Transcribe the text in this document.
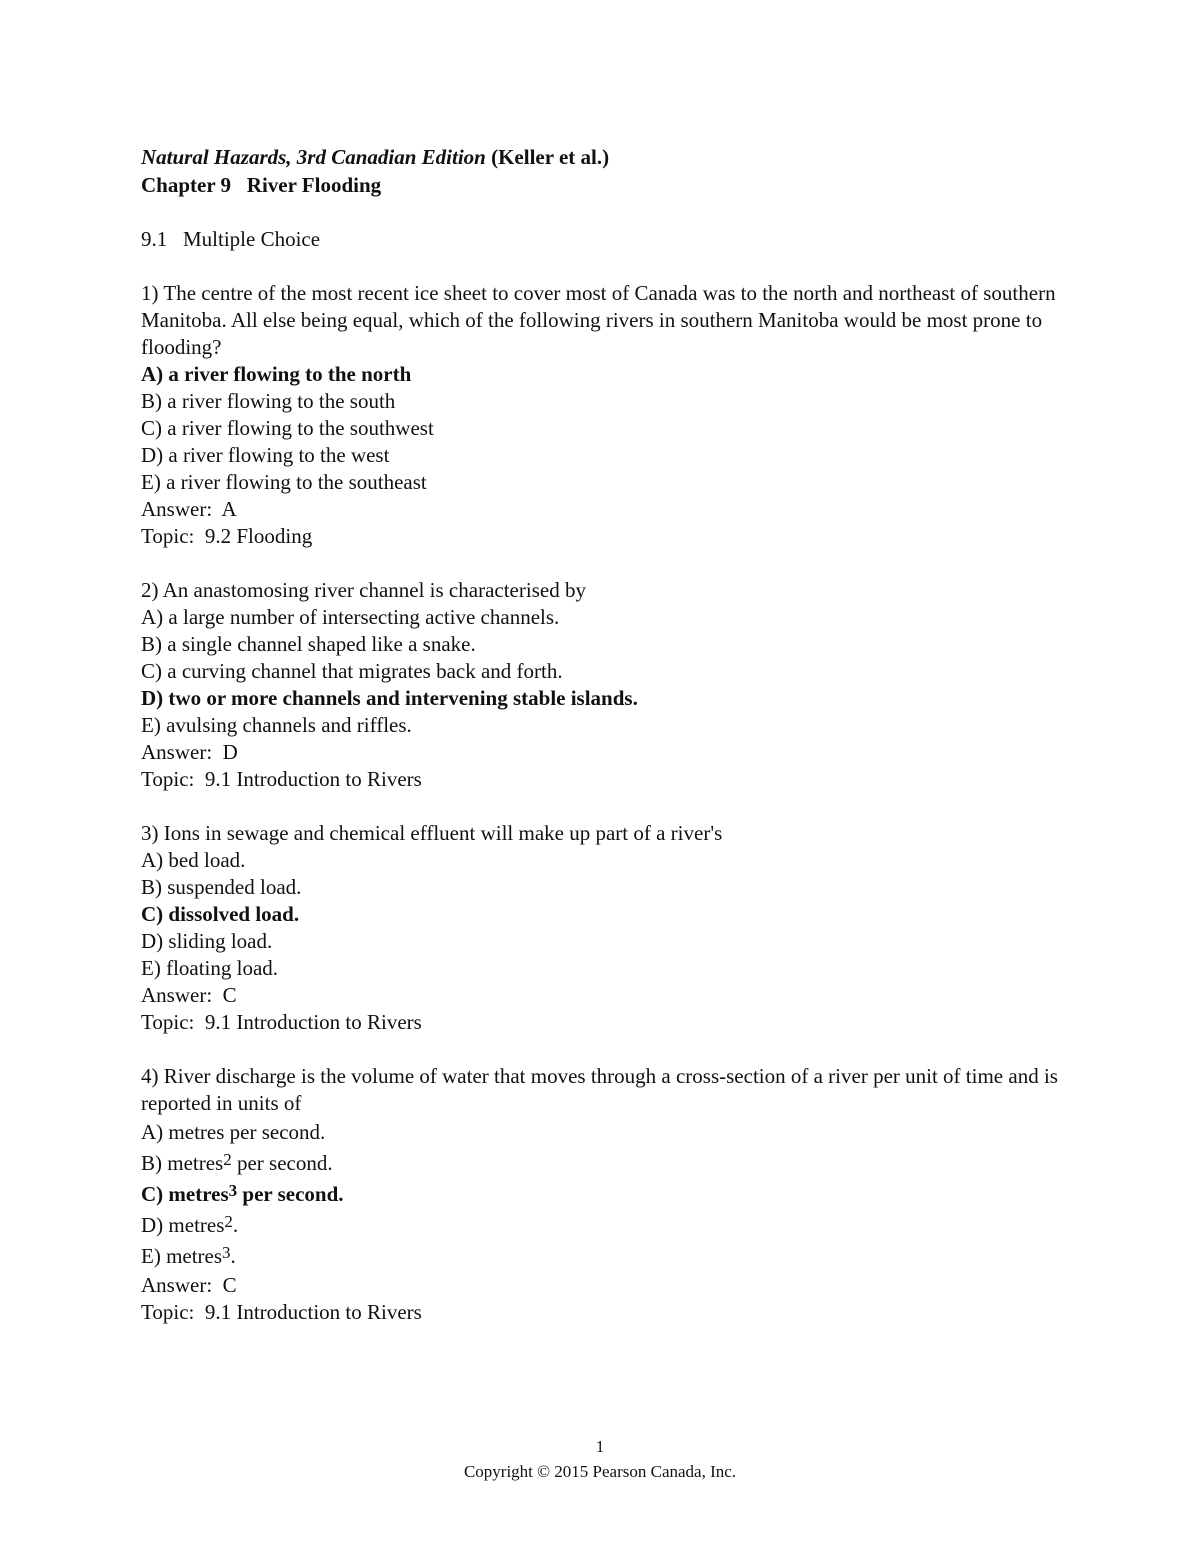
Natural Hazards, 3rd Canadian Edition (Keller et al.)
Chapter 9   River Flooding
9.1   Multiple Choice
1) The centre of the most recent ice sheet to cover most of Canada was to the north and northeast of southern Manitoba. All else being equal, which of the following rivers in southern Manitoba would be most prone to flooding?
A) a river flowing to the north
B) a river flowing to the south
C) a river flowing to the southwest
D) a river flowing to the west
E) a river flowing to the southeast
Answer:  A
Topic:  9.2 Flooding
2) An anastomosing river channel is characterised by
A) a large number of intersecting active channels.
B) a single channel shaped like a snake.
C) a curving channel that migrates back and forth.
D) two or more channels and intervening stable islands.
E) avulsing channels and riffles.
Answer:  D
Topic:  9.1 Introduction to Rivers
3) Ions in sewage and chemical effluent will make up part of a river's
A) bed load.
B) suspended load.
C) dissolved load.
D) sliding load.
E) floating load.
Answer:  C
Topic:  9.1 Introduction to Rivers
4) River discharge is the volume of water that moves through a cross-section of a river per unit of time and is reported in units of
A) metres per second.
B) metres$^2$ per second.
C) metres$^3$ per second.
D) metres$^2$.
E) metres$^3$.
Answer:  C
Topic:  9.1 Introduction to Rivers
1
Copyright © 2015 Pearson Canada, Inc.
